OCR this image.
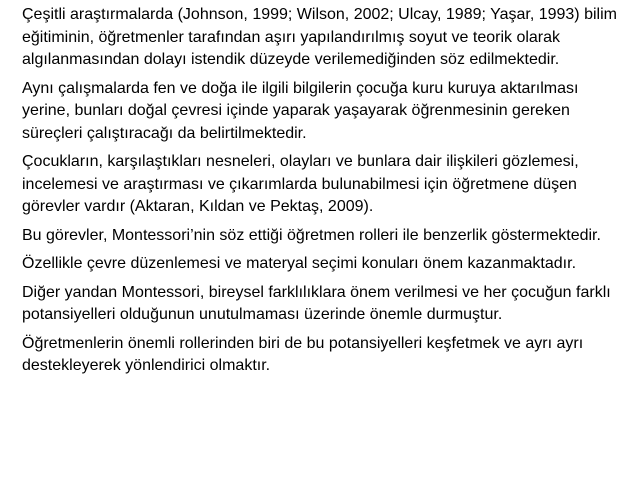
Çeşitli araştırmalarda (Johnson, 1999; Wilson, 2002; Ulcay, 1989; Yaşar, 1993) bilim eğitiminin, öğretmenler tarafından aşırı yapılandırılmış soyut ve teorik olarak algılanmasından dolayı istendik düzeyde verilemediğinden söz edilmektedir.

Aynı çalışmalarda fen ve doğa ile ilgili bilgilerin çocuğa kuru kuruya aktarılması yerine, bunları doğal çevresi içinde yaparak yaşayarak öğrenmesinin gereken süreçleri çalıştıracağı da belirtilmektedir.

Çocukların, karşılaştıkları nesneleri, olayları ve bunlara dair ilişkileri gözlemesi, incelemesi ve araştırması ve çıkarımlarda bulunabilmesi için öğretmene düşen görevler vardır (Aktaran, Kıldan ve Pektaş, 2009).

Bu görevler, Montessori’nin söz ettiği öğretmen rolleri ile benzerlik göstermektedir.

Özellikle çevre düzenlemesi ve materyal seçimi konuları önem kazanmaktadır.

Diğer yandan Montessori, bireysel farklılıklara önem verilmesi ve her çocuğun farklı potansiyelleri olduğunun unutulmaması üzerinde önemle durmuştur.

Öğretmenlerin önemli rollerinden biri de bu potansiyelleri keşfetmek ve ayrı ayrı destekleyerek yönlendirici olmaktır.
